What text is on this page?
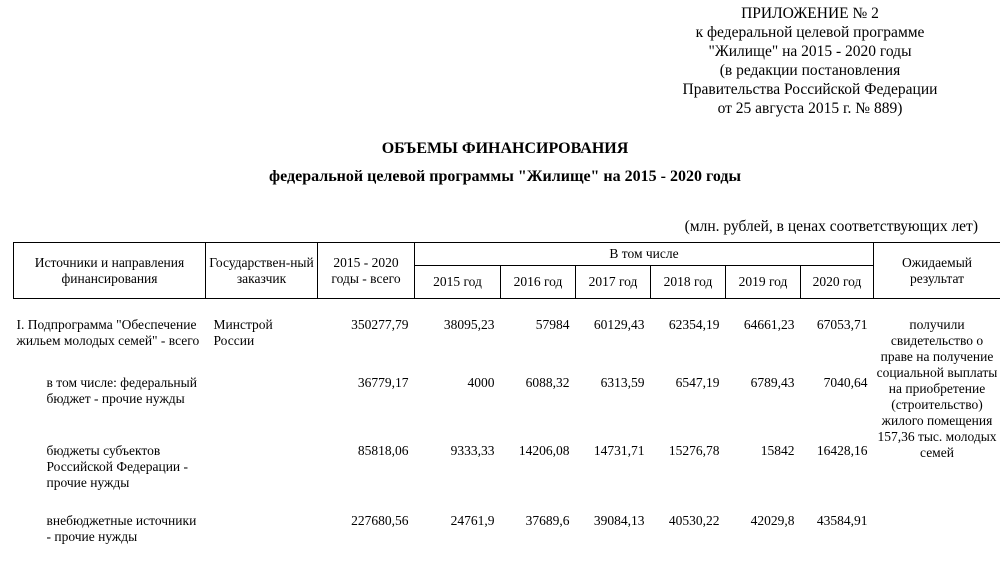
ПРИЛОЖЕНИЕ № 2
к федеральной целевой программе
"Жилище" на 2015 - 2020 годы
(в редакции постановления
Правительства Российской Федерации
от 25 августа 2015 г. № 889)
ОБЪЕМЫ ФИНАНСИРОВАНИЯ
федеральной целевой программы "Жилище" на 2015 - 2020 годы
(млн. рублей, в ценах соответствующих лет)
Источники и направления финансирования	Государствен-ный заказчик	2015 - 2020 годы - всего	В том числе						Ожидаемый результат
			2015 год	2016 год	2017 год	2018 год	2019 год	2020 год	
I. Подпрограмма "Обеспечение жильем молодых семей" - всего	Минстрой России	350277,79	38095,23	57984	60129,43	62354,19	64661,23	67053,71	получили свидетельство о праве на получение социальной выплаты на приобретение (строительство) жилого помещения 157,36 тыс. молодых семей
в том числе: федеральный бюджет - прочие нужды		36779,17	4000	6088,32	6313,59	6547,19	6789,43	7040,64	
бюджеты субъектов Российской Федерации - прочие нужды		85818,06	9333,33	14206,08	14731,71	15276,78	15842	16428,16	
внебюджетные источники - прочие нужды		227680,56	24761,9	37689,6	39084,13	40530,22	42029,8	43584,91	
